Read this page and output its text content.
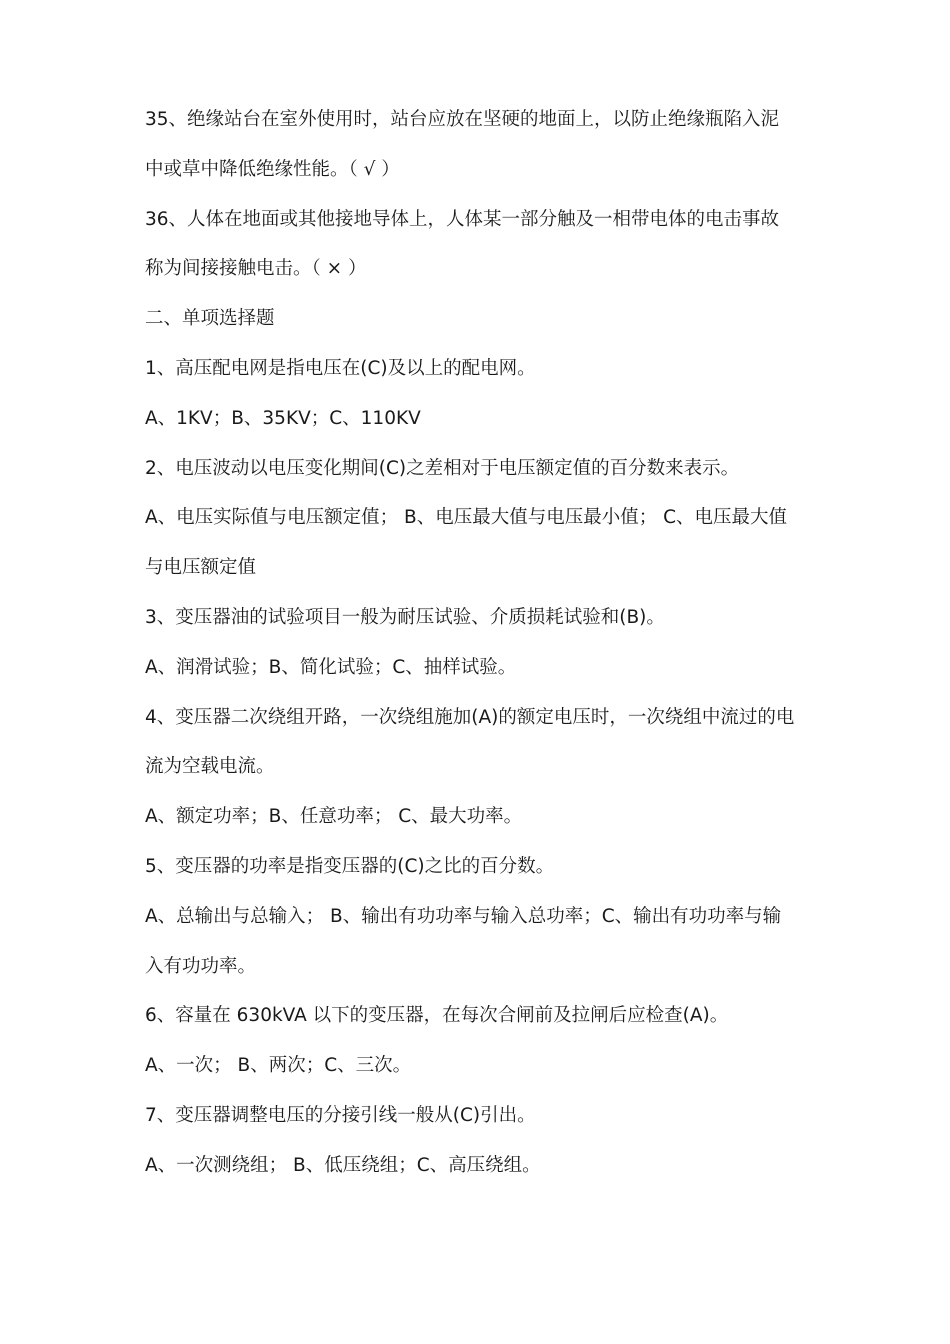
35、绝缘站台在室外使用时，站台应放在坚硬的地面上，以防止绝缘瓶陷入泥
中或草中降低绝缘性能。（ √ ）
36、人体在地面或其他接地导体上，人体某一部分触及一相带电体的电击事故
称为间接接触电击。（ × ）
二、单项选择题
1、高压配电网是指电压在(C)及以上的配电网。
A、1KV；B、35KV；C、110KV
2、电压波动以电压变化期间(C)之差相对于电压额定值的百分数来表示。
A、电压实际值与电压额定值； B、电压最大值与电压最小值； C、电压最大值
与电压额定值
3、变压器油的试验项目一般为耐压试验、介质损耗试验和(B)。
A、润滑试验；B、简化试验；C、抽样试验。
4、变压器二次绕组开路，一次绕组施加(A)的额定电压时，一次绕组中流过的电
流为空载电流。
A、额定功率；B、任意功率； C、最大功率。
5、变压器的功率是指变压器的(C)之比的百分数。
A、总输出与总输入； B、输出有功功率与输入总功率；C、输出有功功率与输
入有功功率。
6、容量在 630kVA 以下的变压器，在每次合闸前及拉闸后应检查(A)。
A、一次； B、两次；C、三次。
7、变压器调整电压的分接引线一般从(C)引出。
A、一次测绕组； B、低压绕组；C、高压绕组。
